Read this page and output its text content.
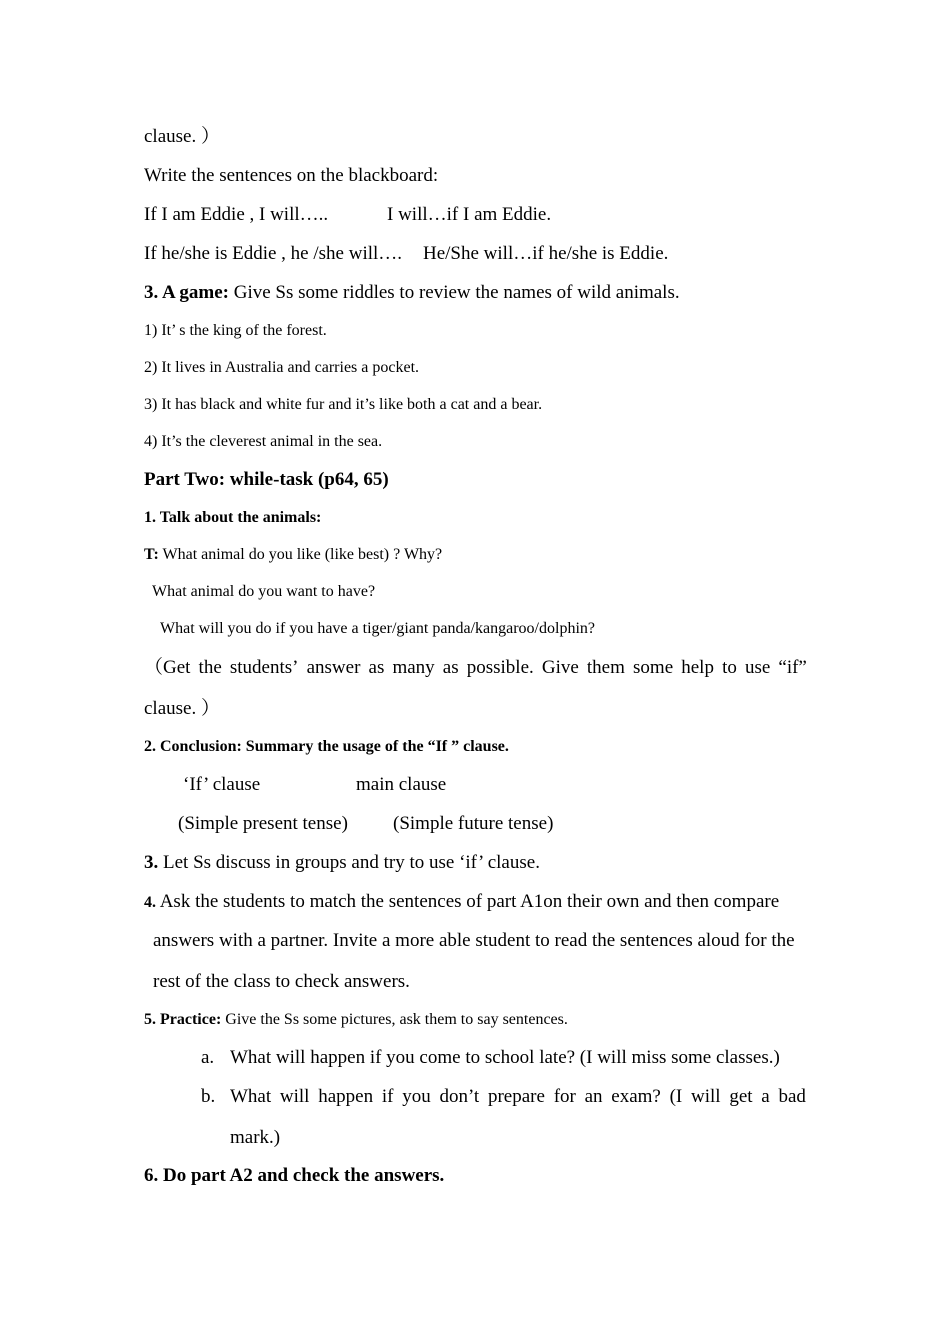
clause. ）
Write the sentences on the blackboard:
If I am Eddie , I will…..	I will…if I am Eddie.
If he/she is Eddie , he /she will…. He/She will…if he/she is Eddie.
3. A game: Give Ss some riddles to review the names of wild animals.
1) It’ s the king of the forest.
2) It lives in Australia and carries a pocket.
3) It has black and white fur and it’s like both a cat and a bear.
4) It’s the cleverest animal in the sea.
Part Two: while-task (p64, 65)
1. Talk about the animals:
T: What animal do you like (like best) ? Why?
What animal do you want to have?
What will you do if you have a tiger/giant panda/kangaroo/dolphin?
（Get the students’ answer as many as possible. Give them some help to use “if”
clause. ）
2. Conclusion: Summary the usage of the “If ” clause.
‘If’ clause	main clause
(Simple present tense) (Simple future tense)
3. Let Ss discuss in groups and try to use ‘if’ clause.
4. Ask the students to match the sentences of part A1on their own and then compare
answers with a partner. Invite a more able student to read the sentences aloud for the
rest of the class to check answers.
5. Practice: Give the Ss some pictures, ask them to say sentences.
a. What will happen if you come to school late? (I will miss some classes.)
b. What will happen if you don’t prepare for an exam? (I will get a bad
mark.)
6. Do part A2 and check the answers.
